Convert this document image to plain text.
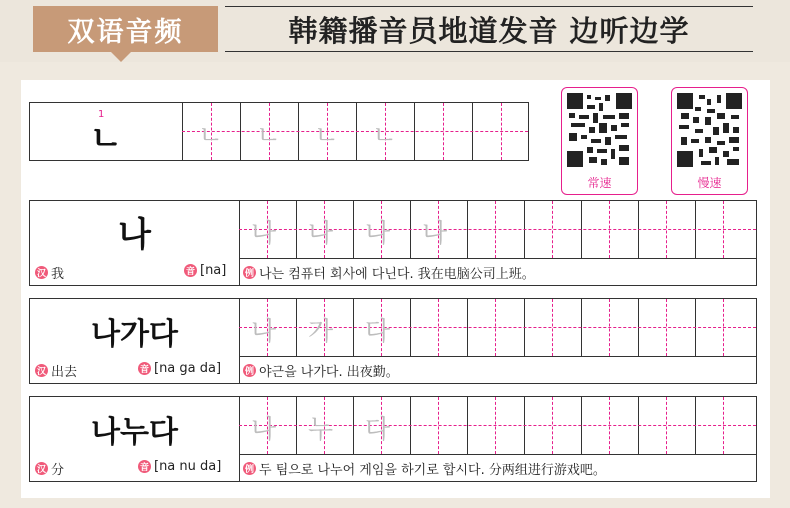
双语音频	韩籍播音员地道发音 边听边学
1
ㄴ	ㄴ ㄴ ㄴ ㄴ
常速	慢速
나
汉 我	音 [na]
나 나 나 나
例 나는 컴퓨터 회사에 다닌다. 我在电脑公司上班。
나가다
汉 出去	音 [na ga da]
나 가 다
例 야근을 나가다. 出夜勤。
나누다
汉 分	音 [na nu da]
나 누 다
例 두 팀으로 나누어 게임을 하기로 합시다. 分两组进行游戏吧。
